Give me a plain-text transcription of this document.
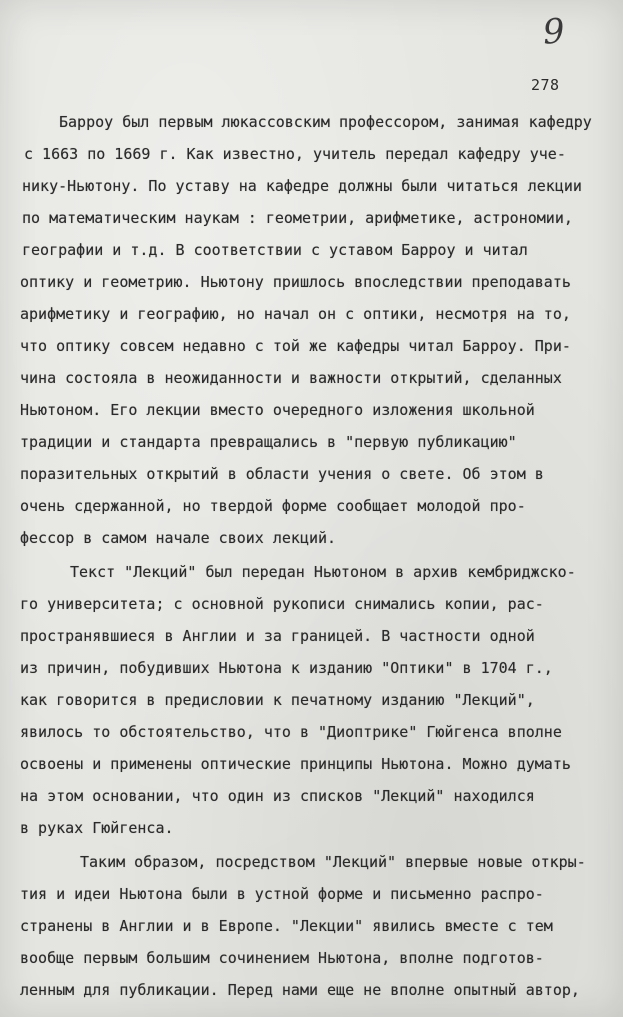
9
278
Барроу был первым люкассовским профессором, занимая кафедру
с 1663 по 1669 г. Как известно, учитель передал кафедру уче-
нику-Ньютону. По уставу на кафедре должны были читаться лекции
по математическим наукам : геометрии, арифметике, астрономии,
географии и т.д. В соответствии с уставом Барроу и читал
оптику и геометрию. Ньютону пришлось впоследствии преподавать
арифметику и географию, но начал он с оптики, несмотря на то,
что оптику совсем недавно с той же кафедры читал Барроу. При-
чина состояла в неожиданности и важности открытий, сделанных
Ньютоном. Его лекции вместо очередного изложения школьной
традиции и стандарта превращались в "первую публикацию"
поразительных открытий в области учения о свете. Об этом в
очень сдержанной, но твердой форме сообщает молодой про-
фессор в самом начале своих лекций.
Текст "Лекций" был передан Ньютоном в архив кембриджско-
го университета; с основной рукописи снимались копии, рас-
пространявшиеся в Англии и за границей. В частности одной
из причин, побудивших Ньютона к изданию "Оптики" в 1704 г.,
как говорится в предисловии к печатному изданию "Лекций",
явилось то обстоятельство, что в "Диоптрике" Гюйгенса вполне
освоены и применены оптические принципы Ньютона. Можно думать
на этом основании, что один из списков "Лекций" находился
в руках Гюйгенса.
Таким образом, посредством "Лекций" впервые новые откры-
тия и идеи Ньютона были в устной форме и письменно распро-
странены в Англии и в Европе. "Лекции" явились вместе с тем
вообще первым большим сочинением Ньютона, вполне подготов-
ленным для публикации. Перед нами еще не вполне опытный автор,
